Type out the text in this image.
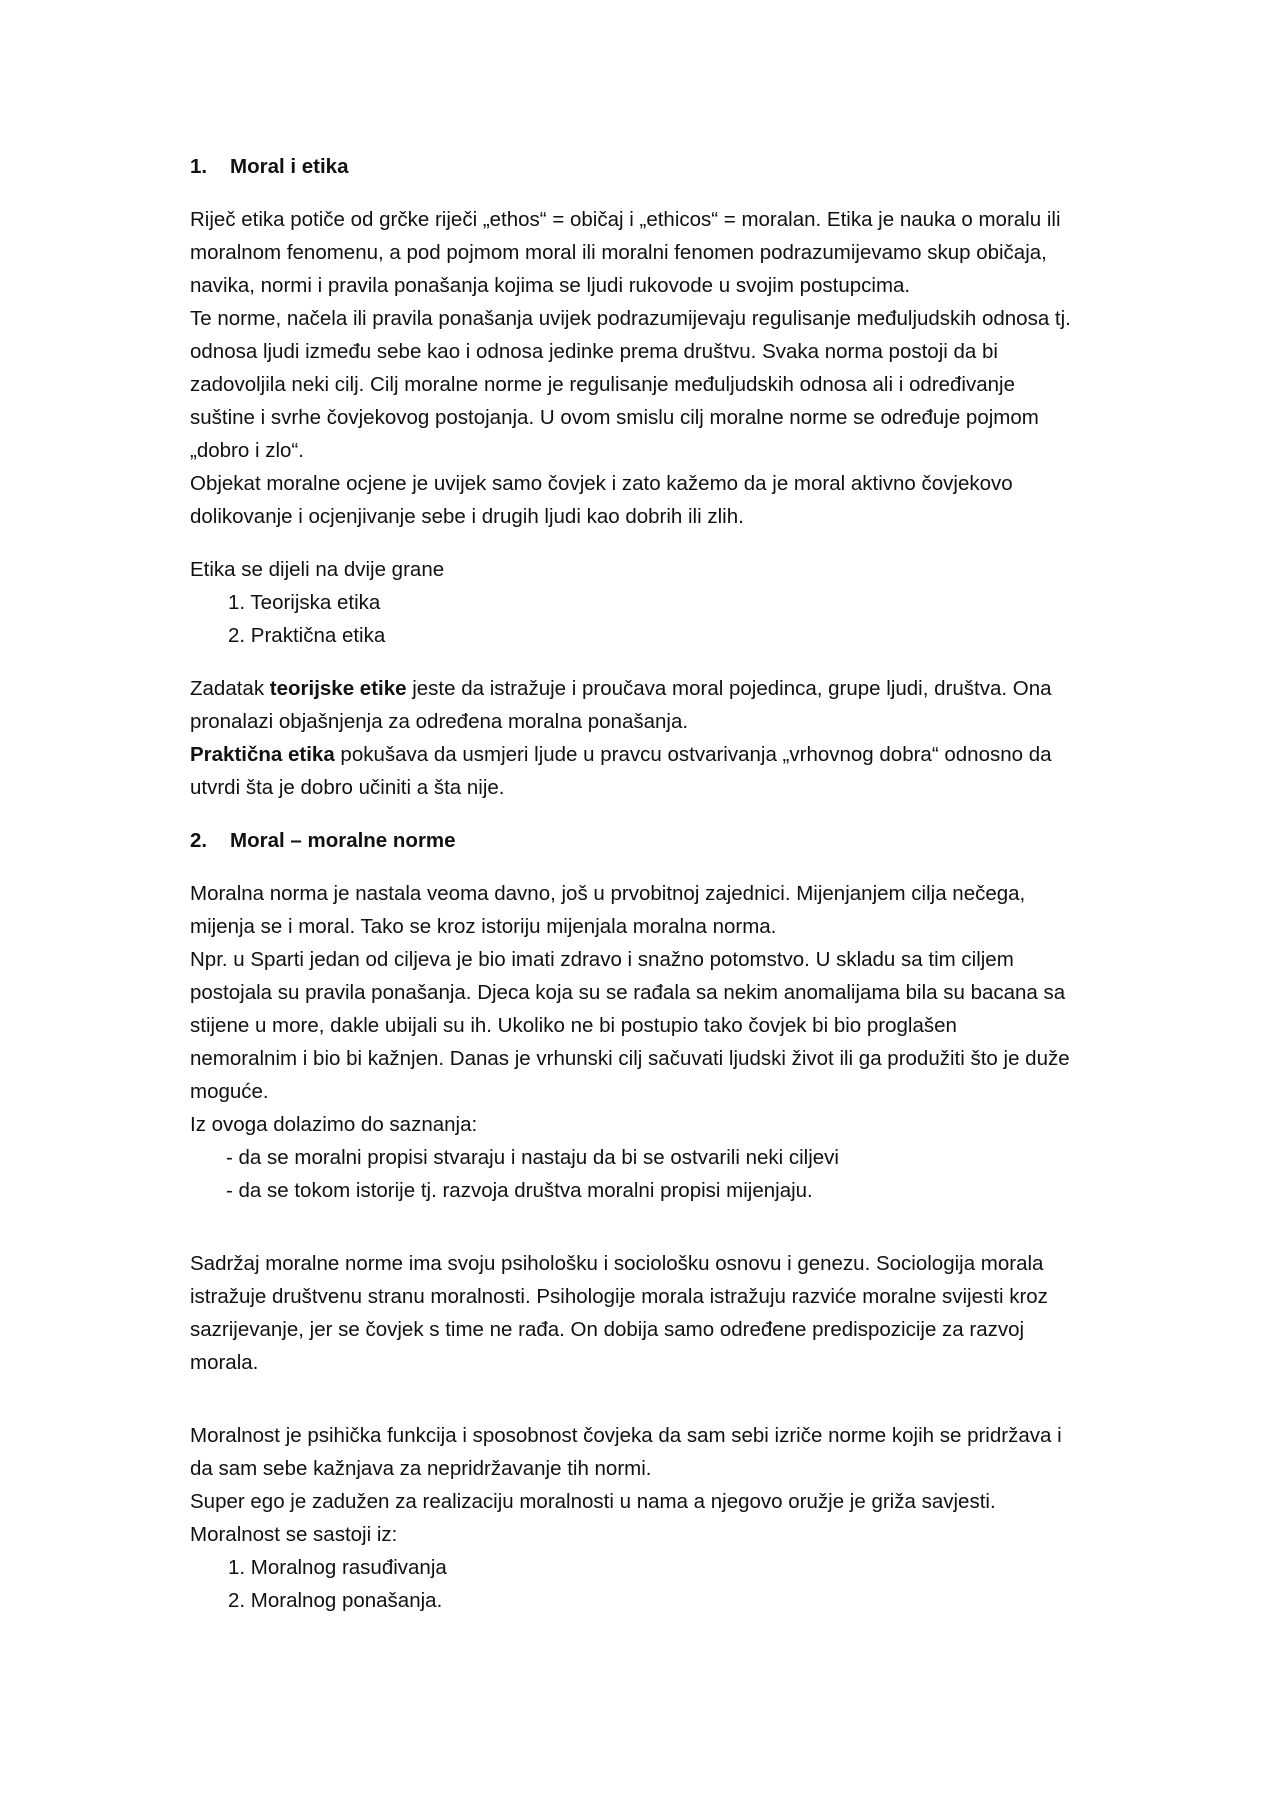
1. Moral i etika

Riječ etika potiče od grčke riječi „ethos“ = običaj i „ethicos“ = moralan. Etika je nauka o moralu ili
moralnom fenomenu, a pod pojmom moral ili moralni fenomen podrazumijevamo skup običaja,
navika, normi i pravila ponašanja kojima se ljudi rukovode u svojim postupcima.
Te norme, načela ili pravila ponašanja uvijek podrazumijevaju regulisanje međuljudskih odnosa tj.
odnosa ljudi između sebe kao i odnosa jedinke prema društvu. Svaka norma postoji da bi
zadovoljila neki cilj. Cilj moralne norme je regulisanje međuljudskih odnosa ali i određivanje
suštine i svrhe čovjekovog postojanja. U ovom smislu cilj moralne norme se određuje pojmom
„dobro i zlo“.
Objekat moralne ocjene je uvijek samo čovjek i zato kažemo da je moral aktivno čovjekovo
dolikovanje i ocjenjivanje sebe i drugih ljudi kao dobrih ili zlih.

Etika se dijeli na dvije grane
1. Teorijska etika
2. Praktična etika

Zadatak teorijske etike jeste da istražuje i proučava moral pojedinca, grupe ljudi, društva. Ona
pronalazi objašnjenja za određena moralna ponašanja.
Praktična etika pokušava da usmjeri ljude u pravcu ostvarivanja „vrhovnog dobra“ odnosno da
utvrdi šta je dobro učiniti a šta nije.

2. Moral – moralne norme
Moralna norma je nastala veoma davno, još u prvobitnoj zajednici. Mijenjanjem cilja nečega,
mijenja se i moral. Tako se kroz istoriju mijenjala moralna norma.
Npr. u Sparti jedan od ciljeva je bio imati zdravo i snažno potomstvo. U skladu sa tim ciljem
postojala su pravila ponašanja. Djeca koja su se rađala sa nekim anomalijama bila su bacana sa
stijene u more, dakle ubijali su ih. Ukoliko ne bi postupio tako čovjek bi bio proglašen
nemoralnim i bio bi kažnjen. Danas je vrhunski cilj sačuvati ljudski život ili ga produžiti što je duže
moguće.
Iz ovoga dolazimo do saznanja:
- da se moralni propisi stvaraju i nastaju da bi se ostvarili neki ciljevi
- da se tokom istorije tj. razvoja društva moralni propisi mijenjaju.

Sadržaj moralne norme ima svoju psihološku i sociološku osnovu i genezu. Sociologija morala
istražuje društvenu stranu moralnosti. Psihologije morala istražuju razviće moralne svijesti kroz
sazrijevanje, jer se čovjek s time ne rađa. On dobija samo određene predispozicije za razvoj
morala.

Moralnost je psihička funkcija i sposobnost čovjeka da sam sebi izriče norme kojih se pridržava i
da sam sebe kažnjava za nepridržavanje tih normi.
Super ego je zadužen za realizaciju moralnosti u nama a njegovo oružje je griža savjesti.
Moralnost se sastoji iz:
1. Moralnog rasuđivanja
2. Moralnog ponašanja.
